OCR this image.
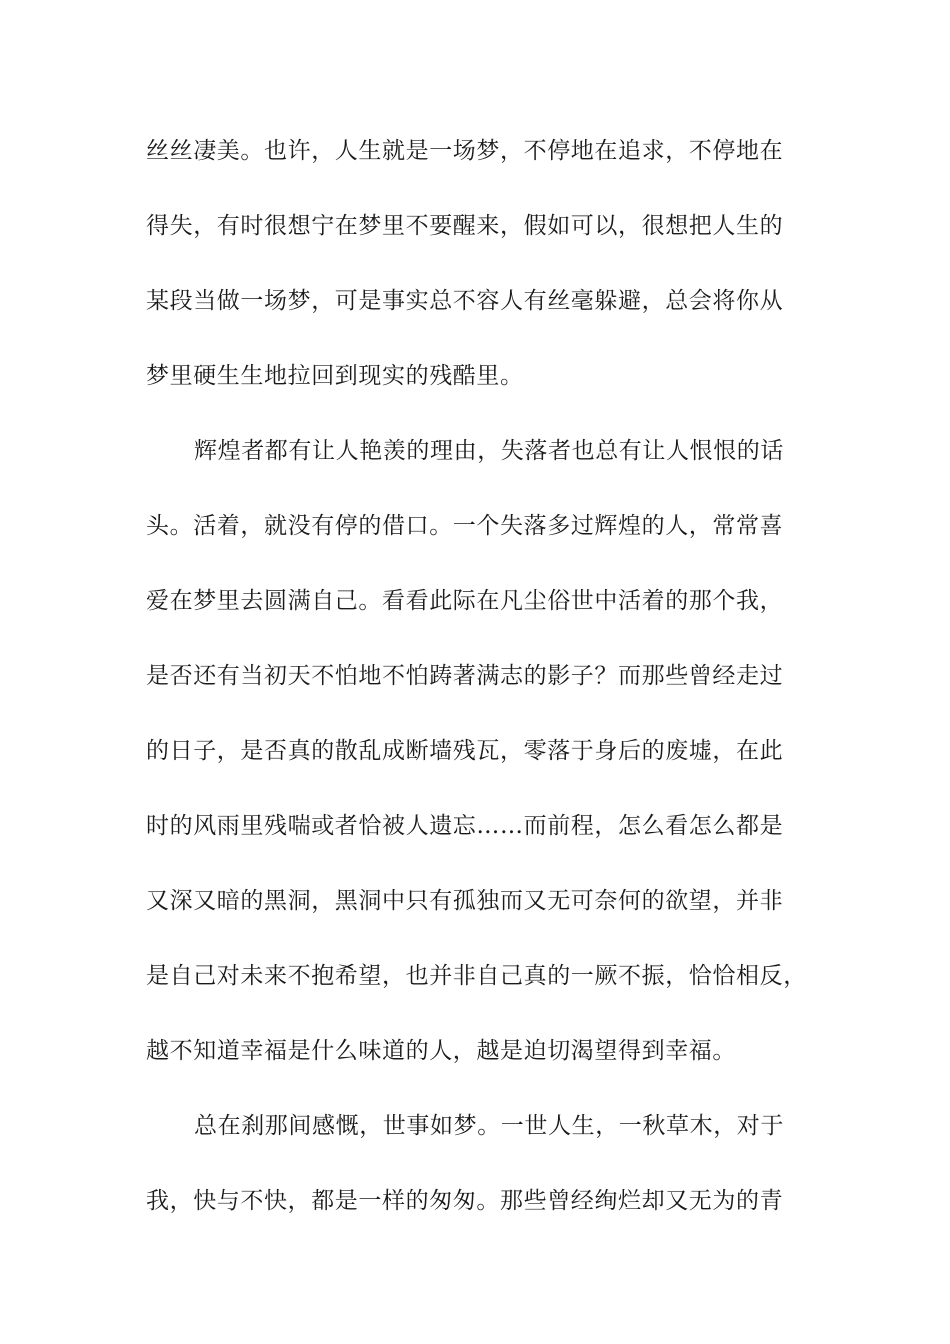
丝丝凄美。也许，人生就是一场梦，不停地在追求，不停地在
得失，有时很想宁在梦里不要醒来，假如可以，很想把人生的
某段当做一场梦，可是事实总不容人有丝毫躲避，总会将你从
梦里硬生生地拉回到现实的残酷里。
辉煌者都有让人艳羡的理由，失落者也总有让人恨恨的话
头。活着，就没有停的借口。一个失落多过辉煌的人，常常喜
爱在梦里去圆满自己。看看此际在凡尘俗世中活着的那个我，
是否还有当初天不怕地不怕踌著满志的影子？而那些曾经走过
的日子，是否真的散乱成断墙残瓦，零落于身后的废墟，在此
时的风雨里残喘或者恰被人遗忘……而前程，怎么看怎么都是
又深又暗的黑洞，黑洞中只有孤独而又无可奈何的欲望，并非
是自己对未来不抱希望，也并非自己真的一厥不振，恰恰相反，
越不知道幸福是什么味道的人，越是迫切渴望得到幸福。
总在刹那间感慨，世事如梦。一世人生，一秋草木，对于
我，快与不快，都是一样的匆匆。那些曾经绚烂却又无为的青
